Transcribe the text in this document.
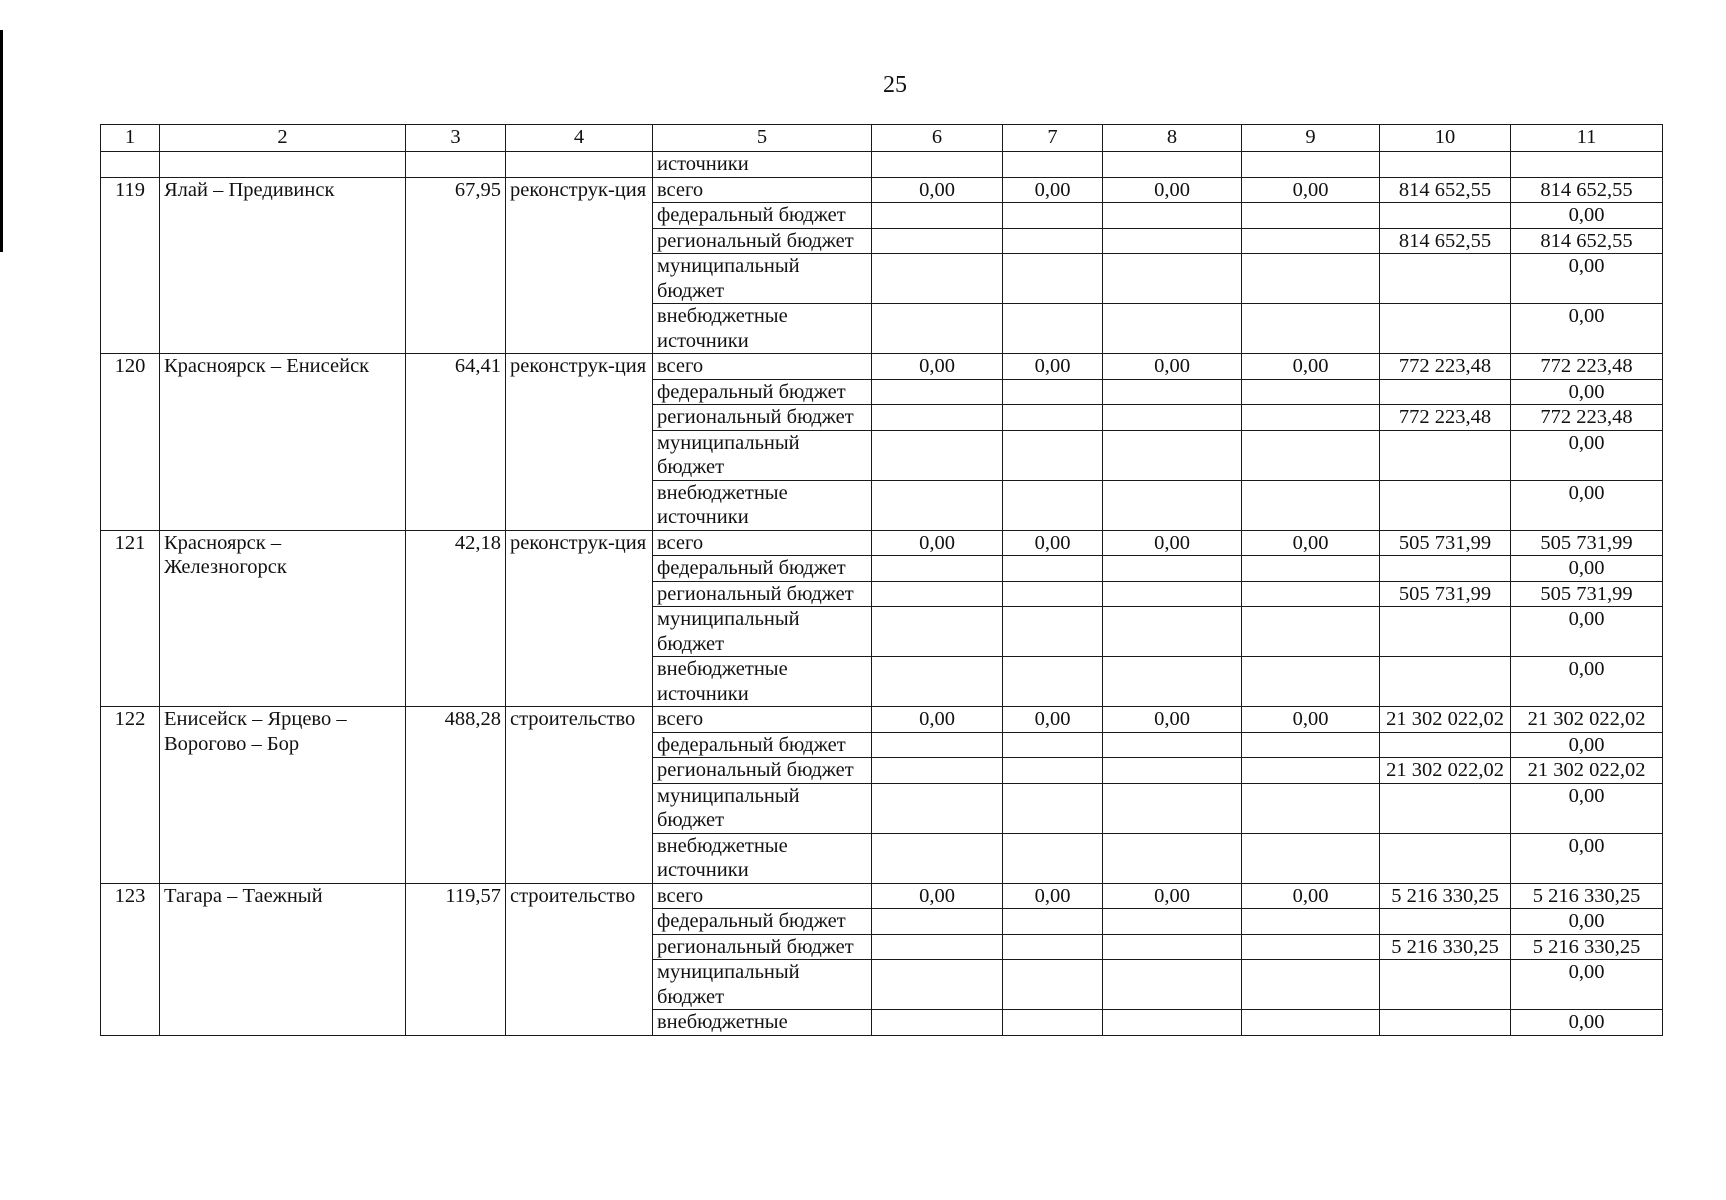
25
1	2	3	4	5	6	7	8	9	10	11
				источники						
119	Ялай – Предивинск	67,95	реконструк-ция	всего	0,00	0,00	0,00	0,00	814 652,55	814 652,55
				федеральный бюджет						0,00
				региональный бюджет					814 652,55	814 652,55
				муниципальный бюджет						0,00
				внебюджетные источники						0,00
120	Красноярск – Енисейск	64,41	реконструк-ция	всего	0,00	0,00	0,00	0,00	772 223,48	772 223,48
				федеральный бюджет						0,00
				региональный бюджет					772 223,48	772 223,48
				муниципальный бюджет						0,00
				внебюджетные источники						0,00
121	Красноярск – Железногорск	42,18	реконструк-ция	всего	0,00	0,00	0,00	0,00	505 731,99	505 731,99
				федеральный бюджет						0,00
				региональный бюджет					505 731,99	505 731,99
				муниципальный бюджет						0,00
				внебюджетные источники						0,00
122	Енисейск – Ярцево – Ворогово – Бор	488,28	строительство	всего	0,00	0,00	0,00	0,00	21 302 022,02	21 302 022,02
				федеральный бюджет						0,00
				региональный бюджет					21 302 022,02	21 302 022,02
				муниципальный бюджет						0,00
				внебюджетные источники						0,00
123	Тагара – Таежный	119,57	строительство	всего	0,00	0,00	0,00	0,00	5 216 330,25	5 216 330,25
				федеральный бюджет						0,00
				региональный бюджет					5 216 330,25	5 216 330,25
				муниципальный бюджет						0,00
				внебюджетные						0,00
